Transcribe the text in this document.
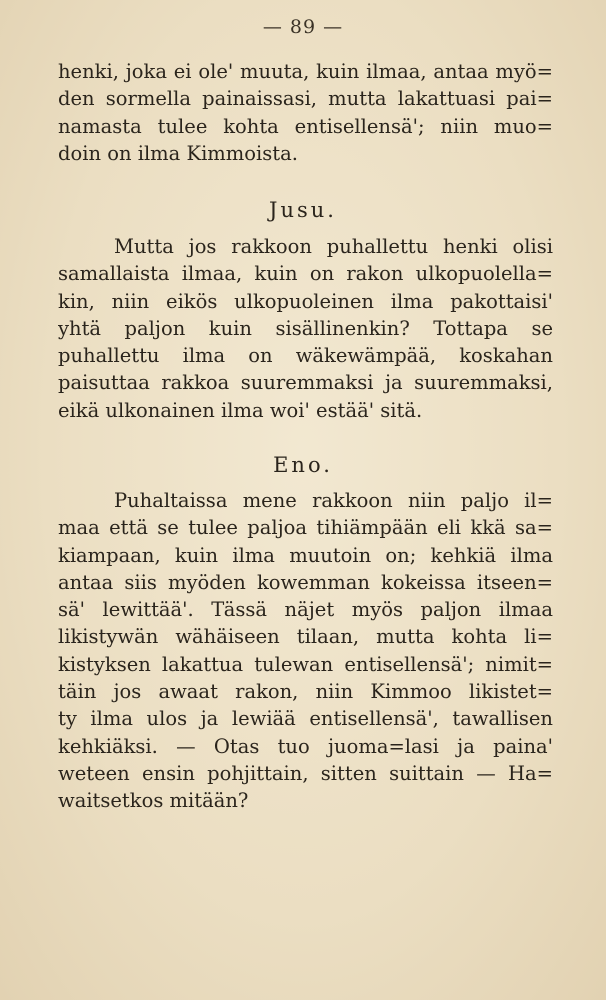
— 89 —
henki, joka ei ole' muuta, kuin ilmaa, antaa myö=
den sormella painaissasi, mutta lakattuasi pai=
namasta tulee kohta entisellensä'; niin muo=
doin on ilma Kimmoista.
Jusu.
Mutta jos rakkoon puhallettu henki olisi
samallaista ilmaa, kuin on rakon ulkopuolella=
kin, niin eikös ulkopuoleinen ilma pakottaisi'
yhtä paljon kuin sisällinenkin? Tottapa se
puhallettu ilma on wäkewämpää, koskahan
paisuttaa rakkoa suuremmaksi ja suuremmaksi,
eikä ulkonainen ilma woi' estää' sitä.
Eno.
Puhaltaissa mene rakkoon niin paljo il=
maa että se tulee paljoa tihiämpään eli kkä sa=
kiampaan, kuin ilma muutoin on; kehkiä ilma
antaa siis myöden kowemman kokeissa itseen=
sä' lewittää'. Tässä näjet myös paljon ilmaa
likistywän wähäiseen tilaan, mutta kohta li=
kistyksen lakattua tulewan entisellensä'; nimit=
täin jos awaat rakon, niin Kimmoo likistet=
ty ilma ulos ja lewiää entisellensä', tawallisen
kehkiäksi. — Otas tuo juoma=lasi ja paina'
weteen ensin pohjittain, sitten suittain — Ha=
waitsetkos mitään?
